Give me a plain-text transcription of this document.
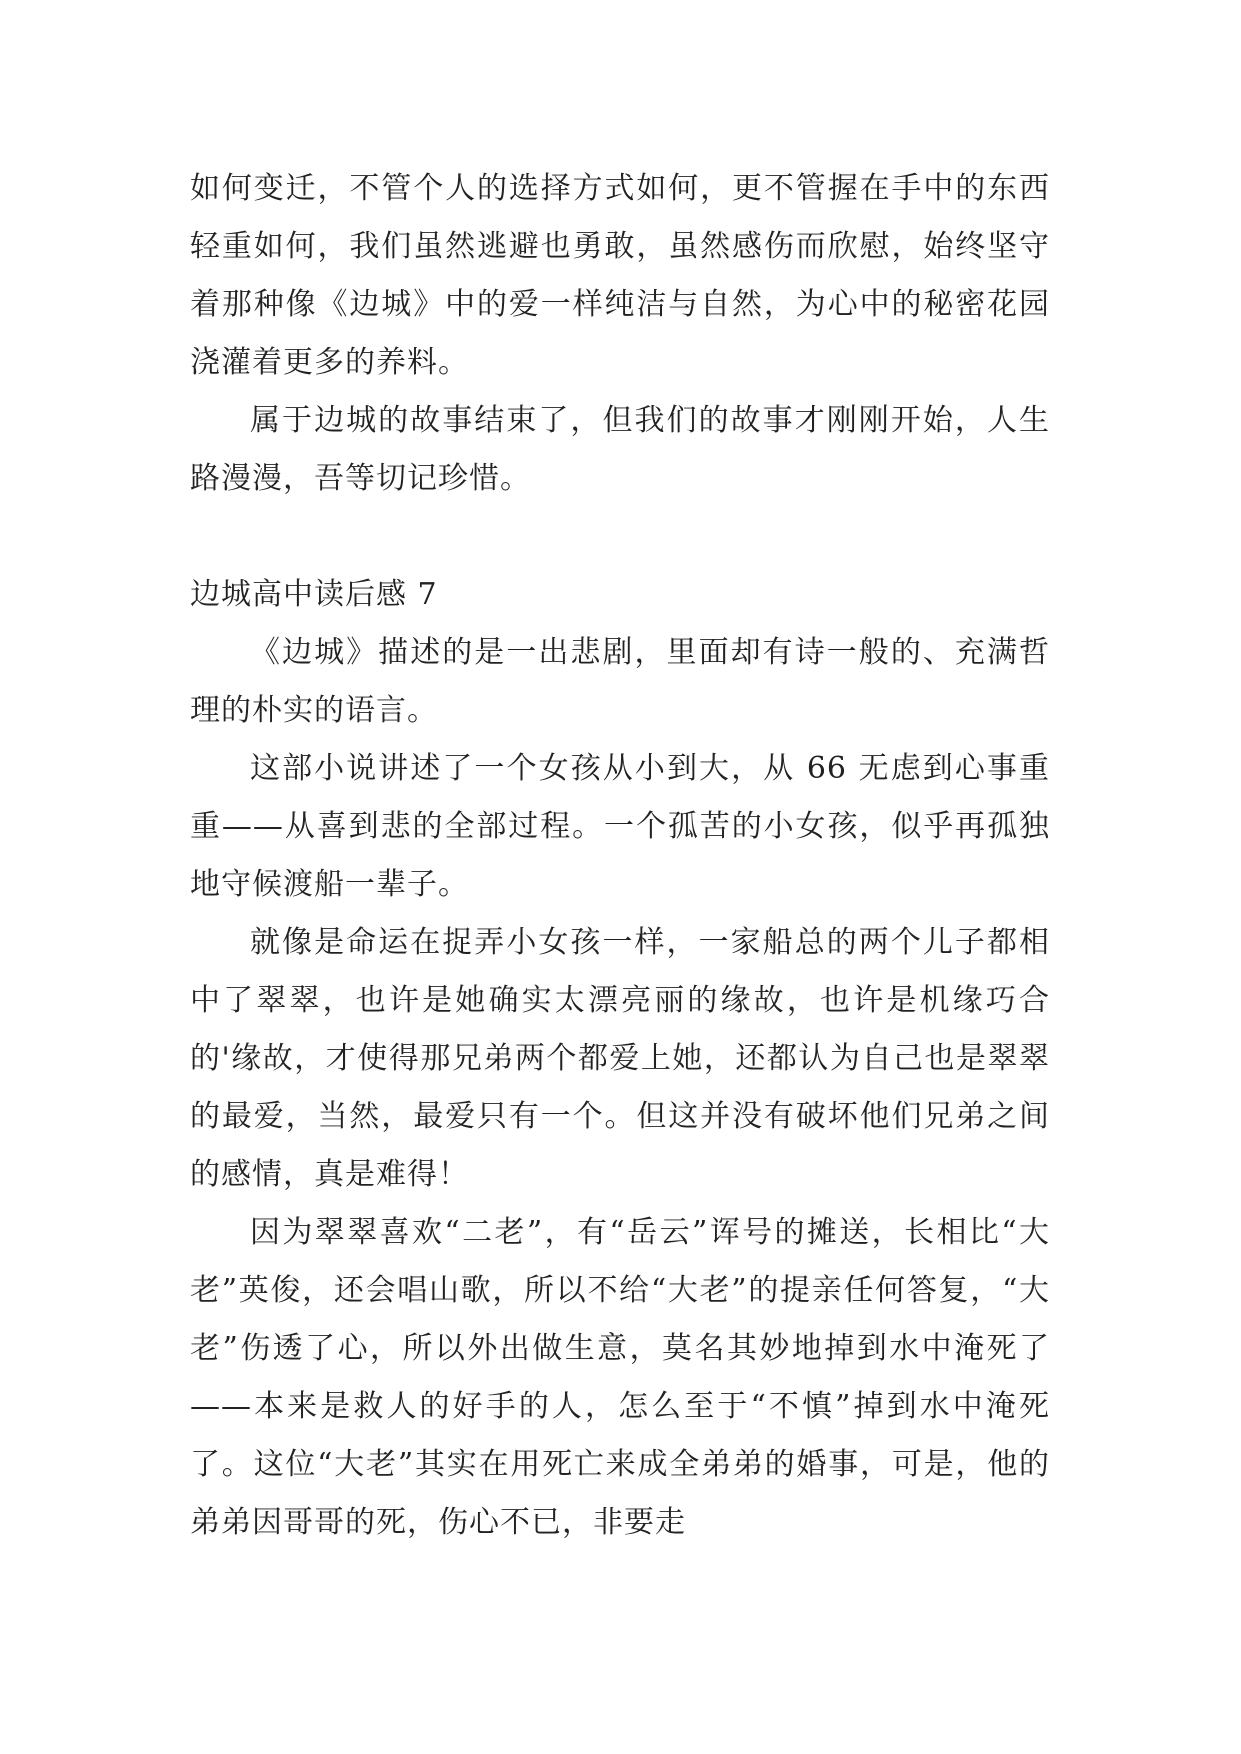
如何变迁，不管个人的选择方式如何，更不管握在手中的东西轻重如何，我们虽然逃避也勇敢，虽然感伤而欣慰，始终坚守着那种像《边城》中的爱一样纯洁与自然，为心中的秘密花园浇灌着更多的养料。

属于边城的故事结束了，但我们的故事才刚刚开始，人生路漫漫，吾等切记珍惜。

边城高中读后感 7

《边城》描述的是一出悲剧，里面却有诗一般的、充满哲理的朴实的语言。

这部小说讲述了一个女孩从小到大，从 66 无虑到心事重重——从喜到悲的全部过程。一个孤苦的小女孩，似乎再孤独地守候渡船一辈子。

就像是命运在捉弄小女孩一样，一家船总的两个儿子都相中了翠翠，也许是她确实太漂亮丽的缘故，也许是机缘巧合的'缘故，才使得那兄弟两个都爱上她，还都认为自己也是翠翠的最爱，当然，最爱只有一个。但这并没有破坏他们兄弟之间的感情，真是难得！

因为翠翠喜欢“二老”，有“岳云”诨号的摊送，长相比“大老”英俊，还会唱山歌，所以不给“大老”的提亲任何答复，“大老”伤透了心，所以外出做生意，莫名其妙地掉到水中淹死了——本来是救人的好手的人，怎么至于“不慎”掉到水中淹死了。这位“大老”其实在用死亡来成全弟弟的婚事，可是，他的弟弟因哥哥的死，伤心不已，非要走
